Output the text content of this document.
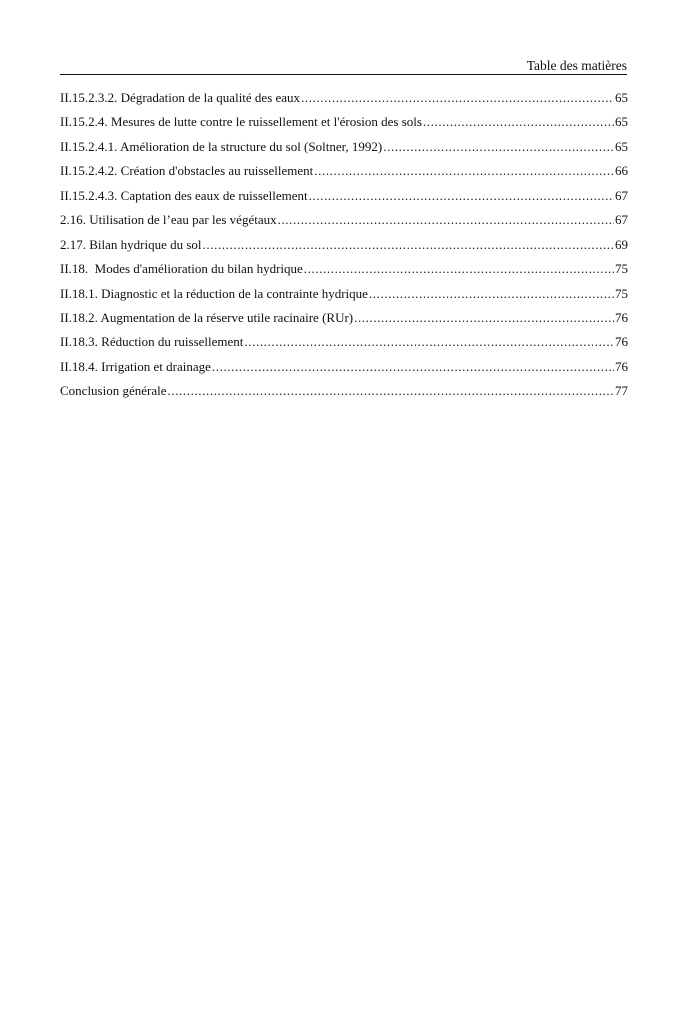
Table des matières
II.15.2.3.2. Dégradation de la qualité des eaux .....	65
II.15.2.4. Mesures de lutte contre le ruissellement et l'érosion des sols .....	65
II.15.2.4.1. Amélioration de la structure du sol (Soltner, 1992) .....	65
II.15.2.4.2. Création d'obstacles au ruissellement .....	66
II.15.2.4.3. Captation des eaux de ruissellement .....	67
2.16. Utilisation de l’eau par les végétaux .....	67
2.17. Bilan hydrique du sol .....	69
II.18.  Modes d'amélioration du bilan hydrique .....	75
II.18.1. Diagnostic et la réduction de la contrainte hydrique .....	75
II.18.2. Augmentation de la réserve utile racinaire (RUr) .....	76
II.18.3. Réduction du ruissellement .....	76
II.18.4. Irrigation et drainage .....	76
Conclusion générale .....	77
